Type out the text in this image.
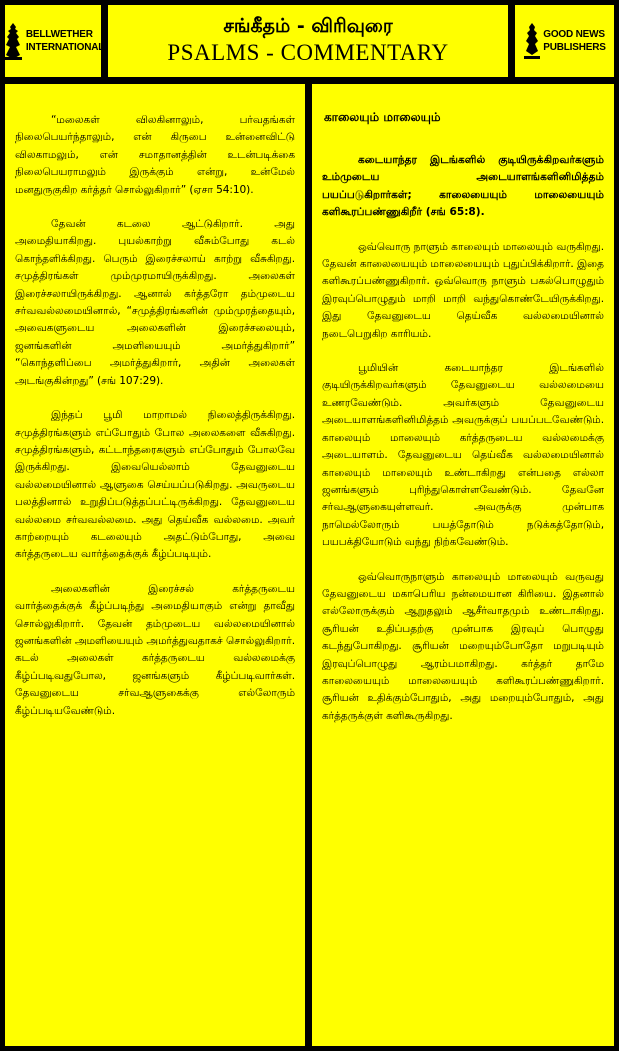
BELLWETHER
INTERNATIONAL
சங்கீதம் - விரிவுரை
PSALMS - COMMENTARY
GOOD NEWS
PUBLISHERS

“மலைகள் விலகினாலும், பர்வதங்கள் நிலைபெயர்ந்தாலும், என் கிருபை உன்னைவிட்டு விலகாமலும், என் சமாதானத்தின் உடன்படிக்கை நிலைபெயராமலும் இருக்கும் என்று, உன்மேல் மனதுருகுகிற கர்த்தர் சொல்லுகிறார்” (ஏசா 54:10).

தேவன் கடலை ஆட்டுகிறார். அது அமைதியாகிறது. புயல்காற்று வீசும்போது கடல் கொந்தளிக்கிறது. பெரும் இரைச்சலாய் காற்று வீசுகிறது. சமுத்திரங்கள் மும்முரமாயிருக்கிறது. அலைகள் இரைச்சலாயிருக்கிறது. ஆனால் கர்த்தரோ தம்முடைய சர்வவல்லமையினால், “சமுத்திரங்களின் மும்முரத்தையும், அவைகளுடைய அலைகளின் இரைச்சலையும், ஜனங்களின் அமளியையும் அமர்த்துகிறார்” “கொந்தளிப்பை அமர்த்துகிறார், அதின் அலைகள் அடங்குகின்றது” (சங் 107:29).

இந்தப் பூமி மாறாமல் நிலைத்திருக்கிறது. சமுத்திரங்களும் எப்போதும் போல அலைகளை வீசுகிறது. சமுத்திரங்களும், கட்டாந்தரைகளும் எப்போதும் போலவே இருக்கிறது. இவையெல்லாம் தேவனுடைய வல்லமையினால் ஆளுகை செய்யப்படுகிறது. அவருடைய பலத்தினால் உறுதிப்படுத்தப்பட்டிருக்கிறது. தேவனுடைய வல்லமை சர்வவல்லமை. அது தெய்வீக வல்லமை. அவர் காற்றையும் கடலையும் அதட்டும்போது, அவை கர்த்தருடைய வார்த்தைக்குக் கீழ்ப்படியும்.

அலைகளின் இரைச்சல் கர்த்தருடைய வார்த்தைக்குக் கீழ்ப்படிந்து அமைதியாகும் என்று தாவீது சொல்லுகிறார். தேவன் தம்முடைய வல்லமையினால் ஜனங்களின் அமளியையும் அமர்த்துவதாகச் சொல்லுகிறார். கடல் அலைகள் கர்த்தருடைய வல்லமைக்கு கீழ்ப்படிவதுபோல, ஜனங்களும் கீழ்ப்படிவார்கள். தேவனுடைய சர்வஆளுகைக்கு எல்லோரும் கீழ்ப்படியவேண்டும்.

காலையும் மாலையும்

கடையாந்தர இடங்களில் குடியிருக்கிறவர்களும் உம்முடைய அடையாளங்களினிமித்தம் பயப்படுகிறார்கள்; காலையையும் மாலையையும் களிகூரப்பண்ணுகிறீர் (சங் 65:8).

ஒவ்வொரு நாளும் காலையும் மாலையும் வருகிறது. தேவன் காலையையும் மாலையையும் புதுப்பிக்கிறார். இதை களிகூரப்பண்ணுகிறார். ஒவ்வொரு நாளும் பகல்பொழுதும் இரவுப்பொழுதும் மாறி மாறி வந்துகொண்டேயிருக்கிறது. இது தேவனுடைய தெய்வீக வல்லமையினால் நடைபெறுகிற காரியம்.

பூமியின் கடையாந்தர இடங்களில் குடியிருக்கிறவர்களும் தேவனுடைய வல்லமையை உணரவேண்டும். அவர்களும் தேவனுடைய அடையாளங்களினிமித்தம் அவருக்குப் பயப்படவேண்டும். காலையும் மாலையும் கர்த்தருடைய வல்லமைக்கு அடையாளம். தேவனுடைய தெய்வீக வல்லமையினால் காலையும் மாலையும் உண்டாகிறது என்பதை எல்லா ஜனங்களும் புரிந்துகொள்ளவேண்டும். தேவனே சர்வஆளுகையுள்ளவர். அவருக்கு முன்பாக நாமெல்லோரும் பயத்தோடும் நடுக்கத்தோடும், பயபக்தியோடும் வந்து நிற்கவேண்டும்.

ஒவ்வொருநாளும் காலையும் மாலையும் வருவது தேவனுடைய மகாபெரிய நன்மையான கிரியை. இதனால் எல்லோருக்கும் ஆறுதலும் ஆசீர்வாதமும் உண்டாகிறது. சூரியன் உதிப்பதற்கு முன்பாக இரவுப் பொழுது கடந்துபோகிறது. சூரியன் மறையும்போதோ மறுபடியும் இரவுப்பொழுது ஆரம்பமாகிறது. கர்த்தர் தாமே காலையையும் மாலையையும் களிகூரப்பண்ணுகிறார். சூரியன் உதிக்கும்போதும், அது மறையும்போதும், அது கர்த்தருக்குள் களிகூருகிறது.
